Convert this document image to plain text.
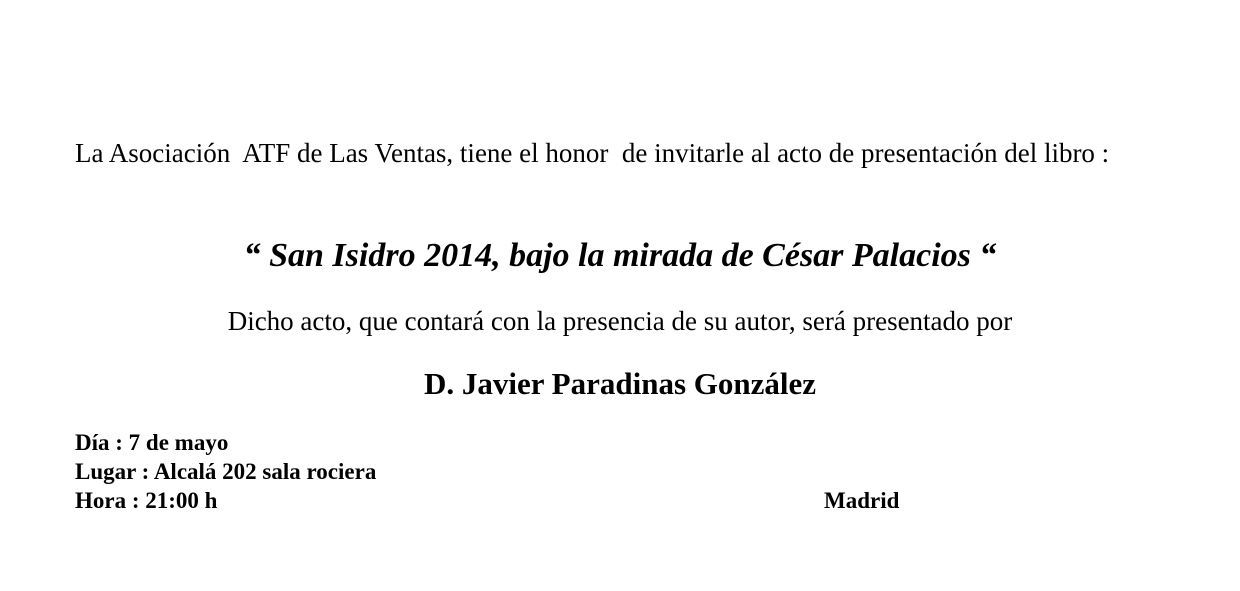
La Asociación  ATF de Las Ventas, tiene el honor  de invitarle al acto de presentación del libro :
“ San Isidro 2014, bajo la mirada de César Palacios “
Dicho acto, que contará con la presencia de su autor, será presentado por
D. Javier Paradinas González
Día : 7 de mayo
Lugar : Alcalá 202 sala rociera
Hora : 21:00 h	Madrid
